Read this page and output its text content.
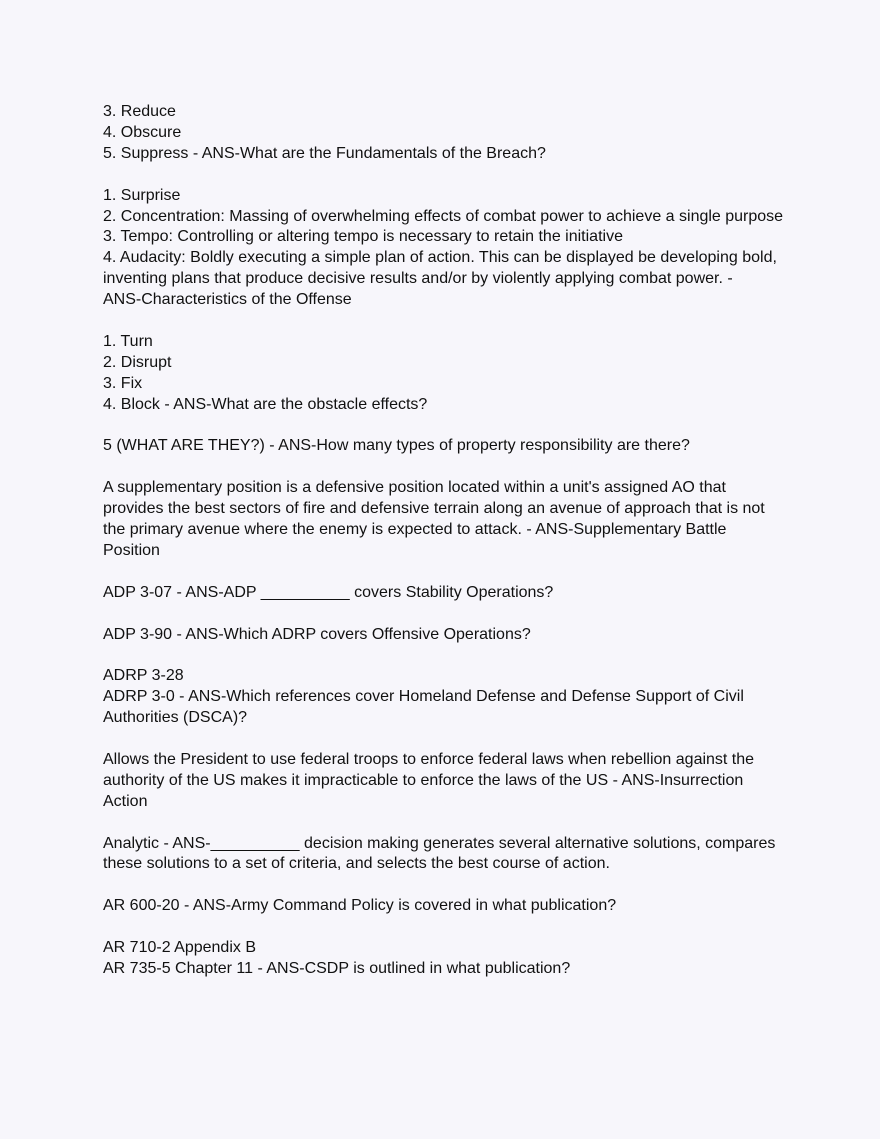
3. Reduce
4. Obscure
5. Suppress - ANS-What are the Fundamentals of the Breach?
1. Surprise
2. Concentration: Massing of overwhelming effects of combat power to achieve a single purpose
3. Tempo: Controlling or altering tempo is necessary to retain the initiative
4. Audacity: Boldly executing a simple plan of action. This can be displayed be developing bold,
inventing plans that produce decisive results and/or by violently applying combat power. -
ANS-Characteristics of the Offense
1. Turn
2. Disrupt
3. Fix
4. Block - ANS-What are the obstacle effects?
5 (WHAT ARE THEY?) - ANS-How many types of property responsibility are there?
A supplementary position is a defensive position located within a unit's assigned AO that
provides the best sectors of fire and defensive terrain along an avenue of approach that is not
the primary avenue where the enemy is expected to attack. - ANS-Supplementary Battle
Position
ADP 3-07 - ANS-ADP __________ covers Stability Operations?
ADP 3-90 - ANS-Which ADRP covers Offensive Operations?
ADRP 3-28
ADRP 3-0 - ANS-Which references cover Homeland Defense and Defense Support of Civil
Authorities (DSCA)?
Allows the President to use federal troops to enforce federal laws when rebellion against the
authority of the US makes it impracticable to enforce the laws of the US - ANS-Insurrection
Action
Analytic - ANS-__________ decision making generates several alternative solutions, compares
these solutions to a set of criteria, and selects the best course of action.
AR 600-20 - ANS-Army Command Policy is covered in what publication?
AR 710-2 Appendix B
AR 735-5 Chapter 11 - ANS-CSDP is outlined in what publication?
